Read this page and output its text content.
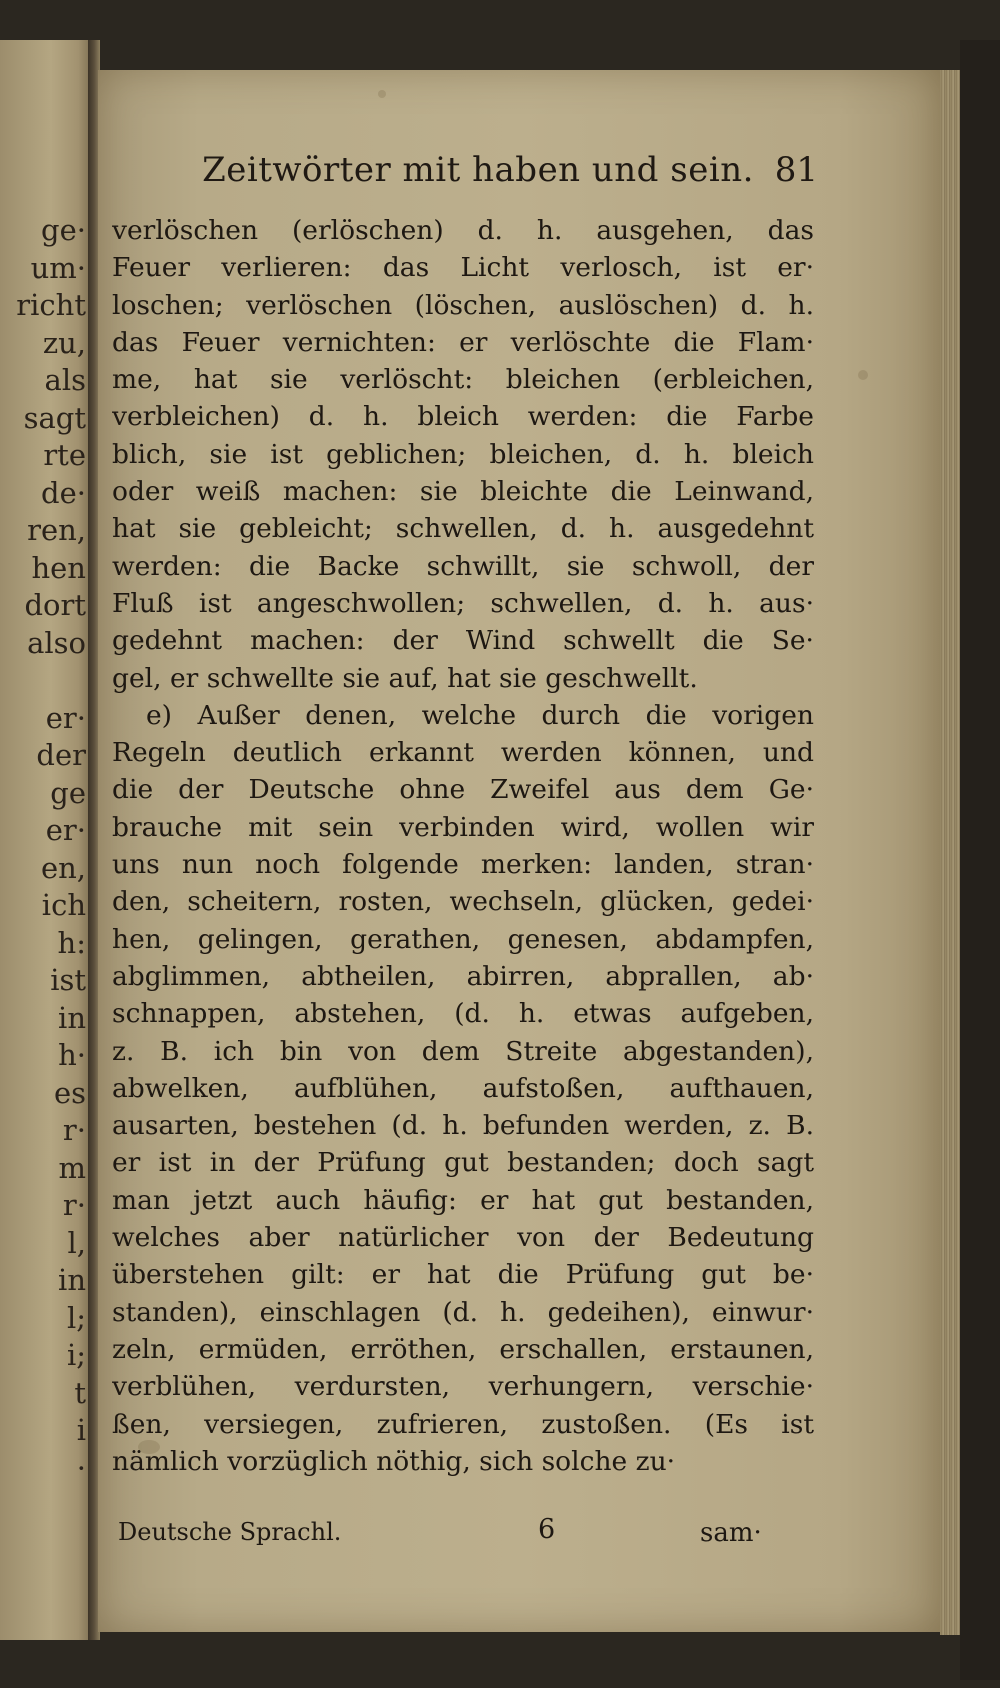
ge·
um·
richt
zu,
als
sagt
rte
de·
ren,
hen
dort
also
er·
der
ge
er·
en,
ich
h:
ist
in
h·
es
r·
m
r·
l,
in
l;
i;
t
i
·
Zeitwörter mit haben und sein. 81
verlöschen (erlöschen) d. h. ausgehen, das
Feuer verlieren: das Licht verlosch, ist er·
loschen; verlöschen (löschen, auslöschen) d. h.
das Feuer vernichten: er verlöschte die Flam·
me, hat sie verlöscht: bleichen (erbleichen,
verbleichen) d. h. bleich werden: die Farbe
blich, sie ist geblichen; bleichen, d. h. bleich
oder weiß machen: sie bleichte die Leinwand,
hat sie gebleicht; schwellen, d. h. ausgedehnt
werden: die Backe schwillt, sie schwoll, der
Fluß ist angeschwollen; schwellen, d. h. aus·
gedehnt machen: der Wind schwellt die Se·
gel, er schwellte sie auf, hat sie geschwellt.
e) Außer denen, welche durch die vorigen
Regeln deutlich erkannt werden können, und
die der Deutsche ohne Zweifel aus dem Ge·
brauche mit sein verbinden wird, wollen wir
uns nun noch folgende merken: landen, stran·
den, scheitern, rosten, wechseln, glücken, gedei·
hen, gelingen, gerathen, genesen, abdampfen,
abglimmen, abtheilen, abirren, abprallen, ab·
schnappen, abstehen, (d. h. etwas aufgeben,
z. B. ich bin von dem Streite abgestanden),
abwelken, aufblühen, aufstoßen, aufthauen,
ausarten, bestehen (d. h. befunden werden, z. B.
er ist in der Prüfung gut bestanden; doch sagt
man jetzt auch häufig: er hat gut bestanden,
welches aber natürlicher von der Bedeutung
überstehen gilt: er hat die Prüfung gut be·
standen), einschlagen (d. h. gedeihen), einwur·
zeln, ermüden, erröthen, erschallen, erstaunen,
verblühen, verdursten, verhungern, verschie·
ßen, versiegen, zufrieren, zustoßen. (Es ist
nämlich vorzüglich nöthig, sich solche zu·
Deutsche Sprachl.	6	sam·
